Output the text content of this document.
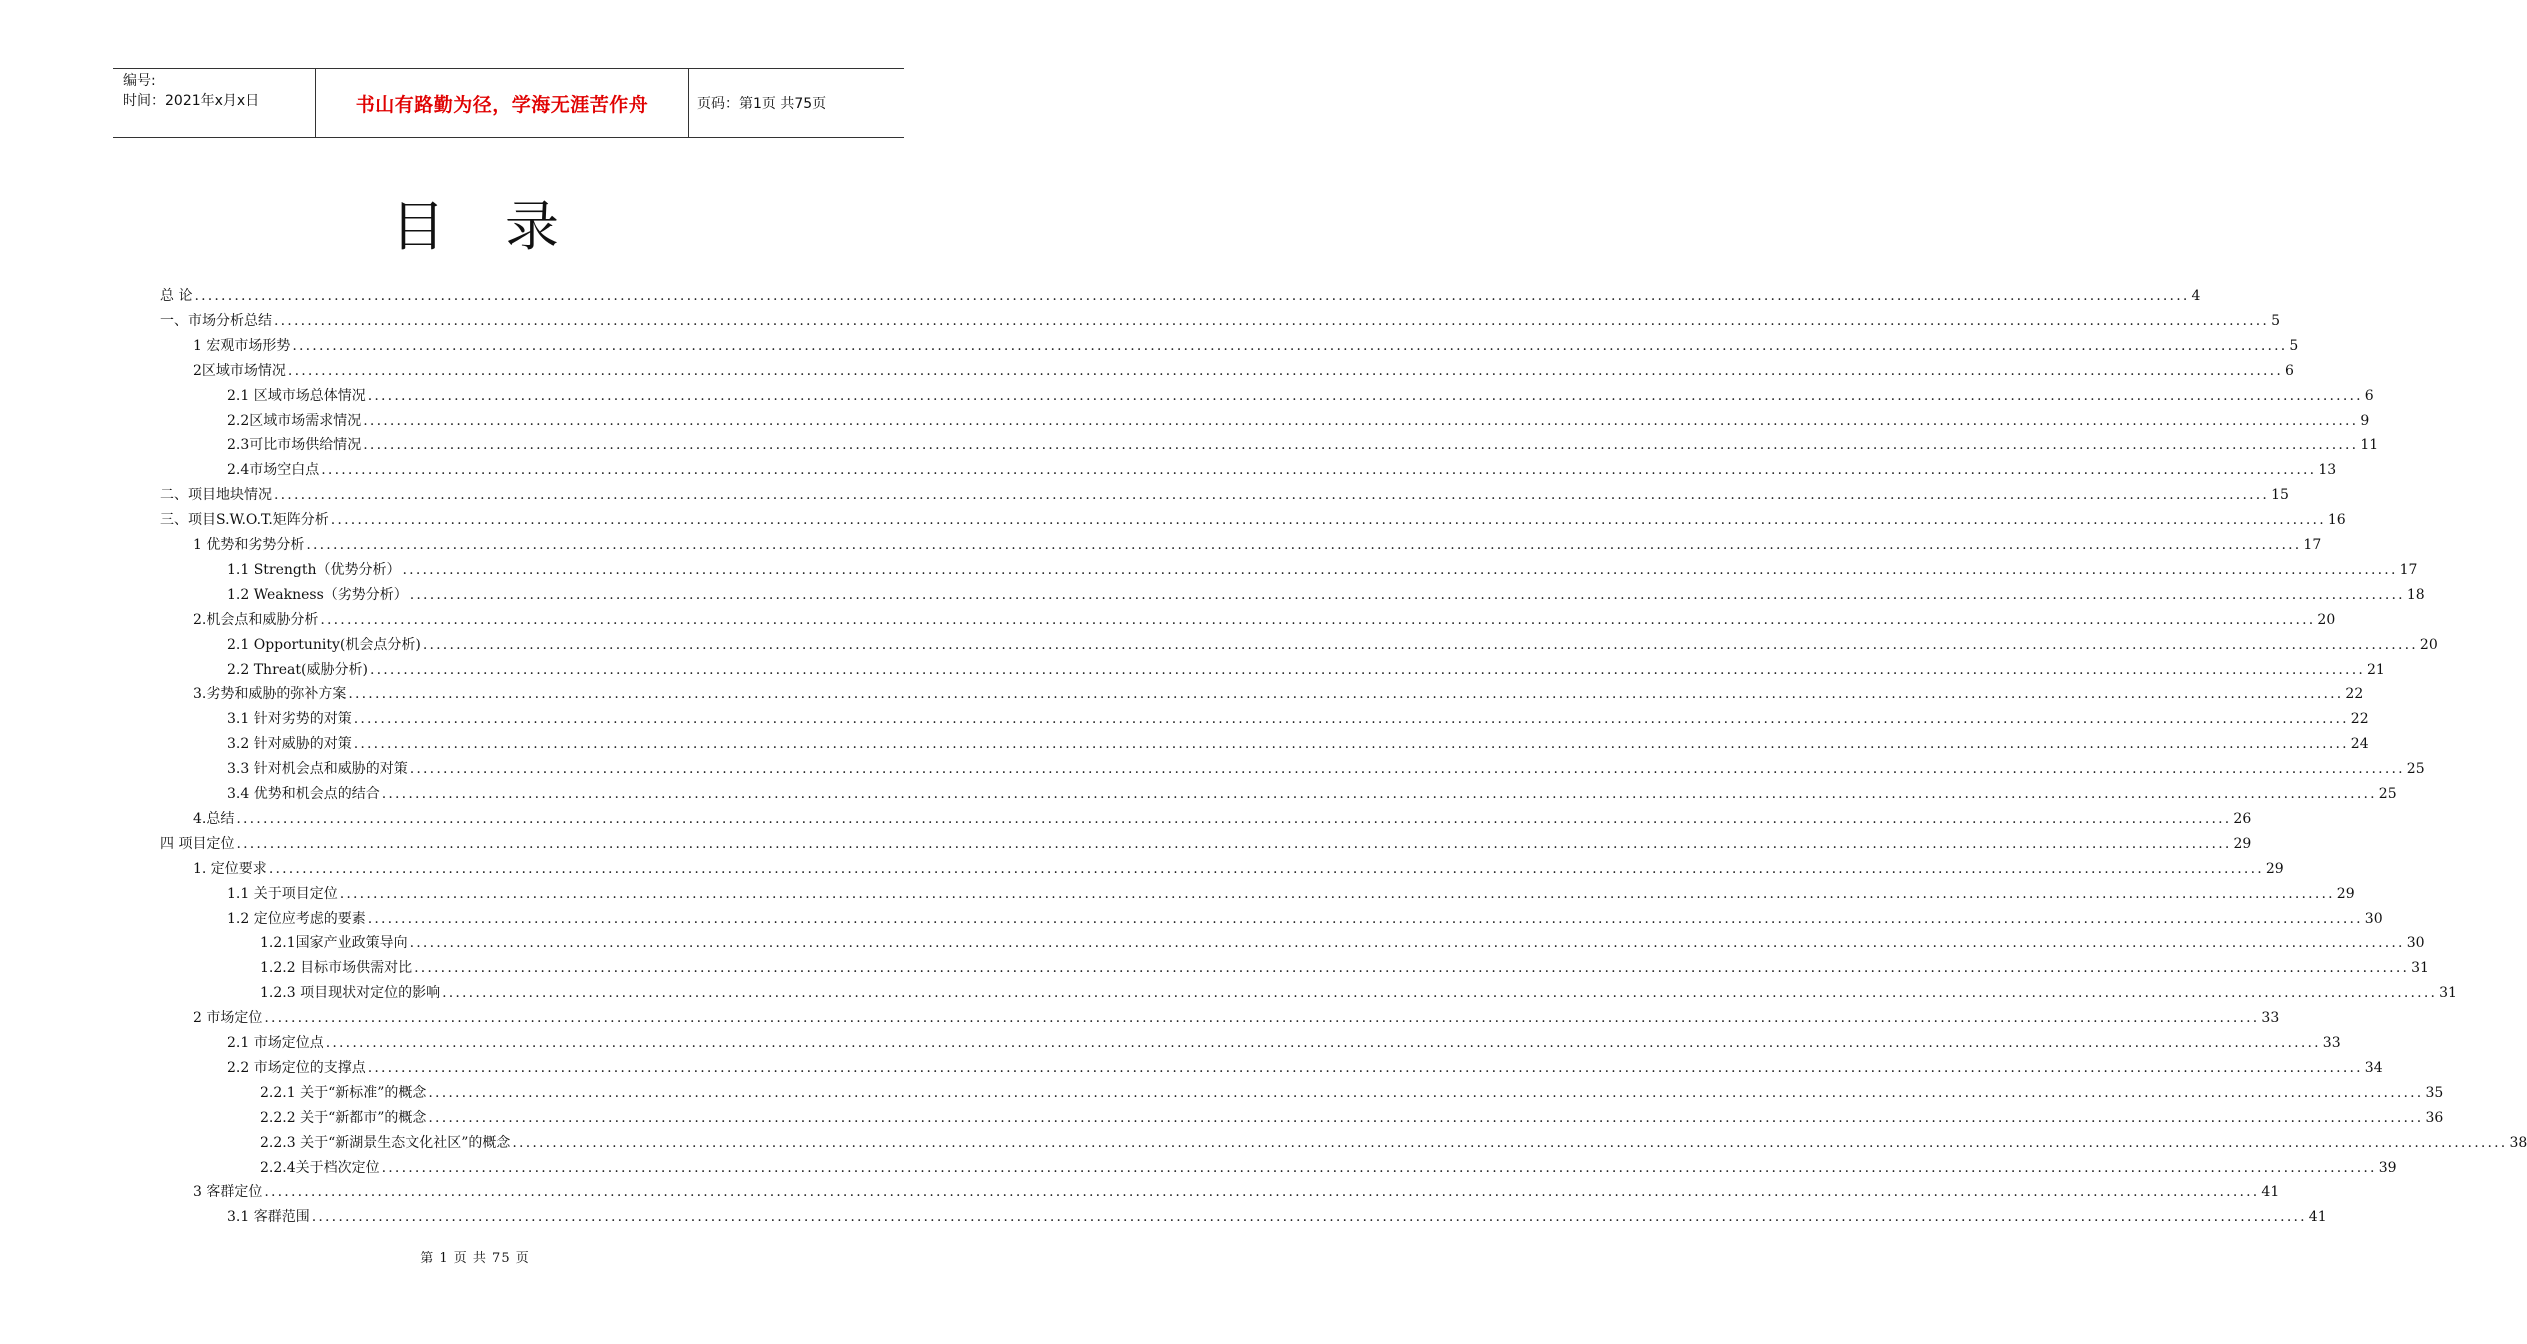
编号:
时间：2021年x月x日	书山有路勤为径，学海无涯苦作舟	页码：第1页 共75页
目录
总 论 ............................................................................................................................................................................................................................................................................................................ 4
一、市场分析总结 ............................................................................................................................................................................................................................................................................................................ 5
1 宏观市场形势 ............................................................................................................................................................................................................................................................................................................ 5
2区域市场情况 ............................................................................................................................................................................................................................................................................................................ 6
2.1 区域市场总体情况 ............................................................................................................................................................................................................................................................................................................ 6
2.2区域市场需求情况 ............................................................................................................................................................................................................................................................................................................ 9
2.3可比市场供给情况 ............................................................................................................................................................................................................................................................................................................ 11
2.4市场空白点 ............................................................................................................................................................................................................................................................................................................ 13
二、项目地块情况 ............................................................................................................................................................................................................................................................................................................ 15
三、项目S.W.O.T.矩阵分析 ............................................................................................................................................................................................................................................................................................................ 16
1 优势和劣势分析 ............................................................................................................................................................................................................................................................................................................ 17
1.1 Strength（优势分析） ............................................................................................................................................................................................................................................................................................................ 17
1.2 Weakness（劣势分析） ............................................................................................................................................................................................................................................................................................................ 18
2.机会点和威胁分析 ............................................................................................................................................................................................................................................................................................................ 20
2.1 Opportunity(机会点分析) ............................................................................................................................................................................................................................................................................................................ 20
2.2 Threat(威胁分析) ............................................................................................................................................................................................................................................................................................................ 21
3.劣势和威胁的弥补方案 ............................................................................................................................................................................................................................................................................................................ 22
3.1 针对劣势的对策 ............................................................................................................................................................................................................................................................................................................ 22
3.2 针对威胁的对策 ............................................................................................................................................................................................................................................................................................................ 24
3.3 针对机会点和威胁的对策 ............................................................................................................................................................................................................................................................................................................ 25
3.4 优势和机会点的结合 ............................................................................................................................................................................................................................................................................................................ 25
4.总结 ............................................................................................................................................................................................................................................................................................................ 26
四 项目定位 ............................................................................................................................................................................................................................................................................................................ 29
1. 定位要求 ............................................................................................................................................................................................................................................................................................................ 29
1.1 关于项目定位 ............................................................................................................................................................................................................................................................................................................ 29
1.2 定位应考虑的要素 ............................................................................................................................................................................................................................................................................................................ 30
1.2.1国家产业政策导向 ............................................................................................................................................................................................................................................................................................................ 30
1.2.2 目标市场供需对比 ............................................................................................................................................................................................................................................................................................................ 31
1.2.3 项目现状对定位的影响 ............................................................................................................................................................................................................................................................................................................ 31
2 市场定位 ............................................................................................................................................................................................................................................................................................................ 33
2.1 市场定位点 ............................................................................................................................................................................................................................................................................................................ 33
2.2 市场定位的支撑点 ............................................................................................................................................................................................................................................................................................................ 34
2.2.1 关于“新标准”的概念 ............................................................................................................................................................................................................................................................................................................ 35
2.2.2 关于“新都市”的概念 ............................................................................................................................................................................................................................................................................................................ 36
2.2.3 关于“新湖景生态文化社区”的概念 ............................................................................................................................................................................................................................................................................................................ 38
2.2.4关于档次定位 ............................................................................................................................................................................................................................................................................................................ 39
3 客群定位 ............................................................................................................................................................................................................................................................................................................ 41
3.1 客群范围 ............................................................................................................................................................................................................................................................................................................ 41
第 1 页 共 75 页
